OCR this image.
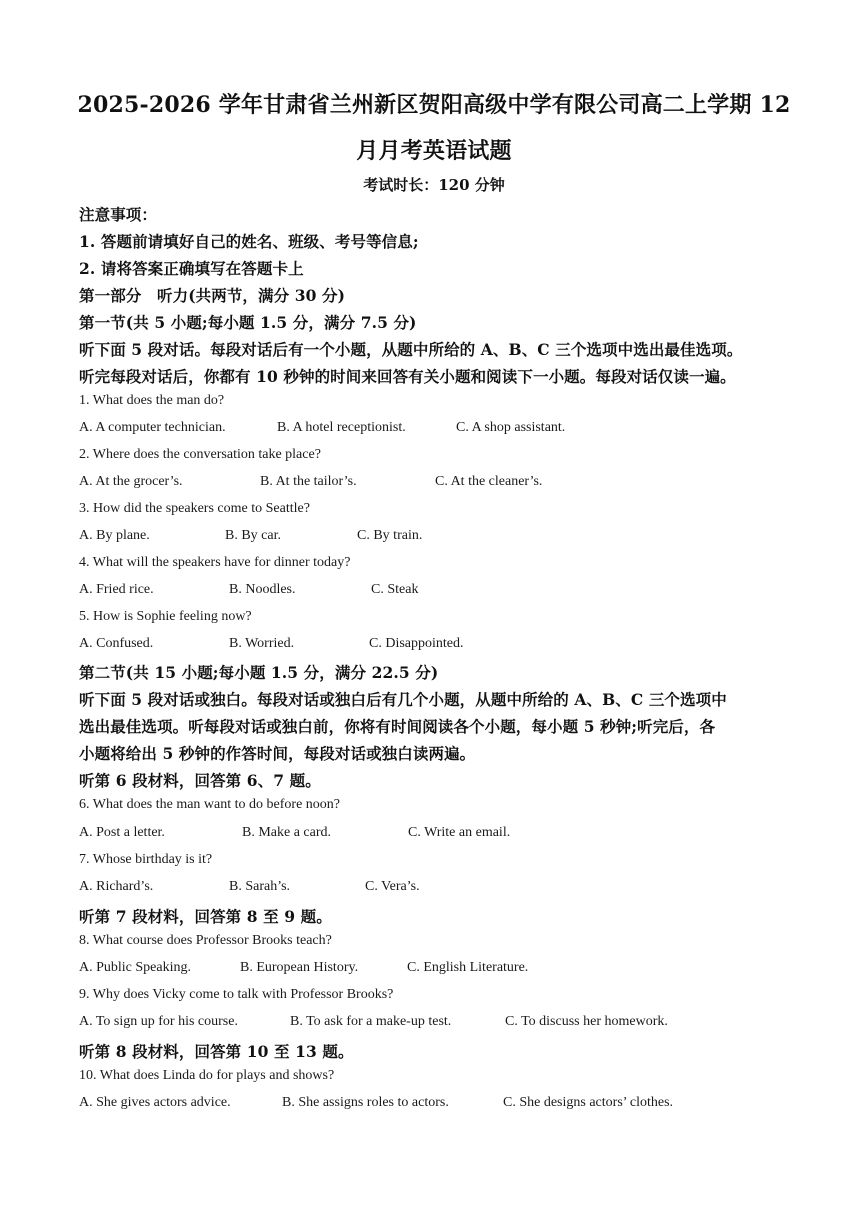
2025-2026 学年甘肃省兰州新区贺阳高级中学有限公司高二上学期 12
月月考英语试题
考试时长：120 分钟
注意事项：
1. 答题前请填好自己的姓名、班级、考号等信息;
2. 请将答案正确填写在答题卡上
第一部分　听力(共两节，满分 30 分)
第一节(共 5 小题;每小题 1.5 分，满分 7.5 分)
听下面 5 段对话。每段对话后有一个小题，从题中所给的 A、B、C 三个选项中选出最佳选项。
听完每段对话后，你都有 10 秒钟的时间来回答有关小题和阅读下一小题。每段对话仅读一遍。
1. What does the man do?
A. A computer technician.	B. A hotel receptionist.	C. A shop assistant.
2. Where does the conversation take place?
A. At the grocer’s.	B. At the tailor’s.	C. At the cleaner’s.
3. How did the speakers come to Seattle?
A. By plane.	B. By car.	C. By train.
4. What will the speakers have for dinner today?
A. Fried rice.	B. Noodles.	C. Steak
5. How is Sophie feeling now?
A. Confused.	B. Worried.	C. Disappointed.
第二节(共 15 小题;每小题 1.5 分，满分 22.5 分)
听下面 5 段对话或独白。每段对话或独白后有几个小题，从题中所给的 A、B、C 三个选项中
选出最佳选项。听每段对话或独白前，你将有时间阅读各个小题，每小题 5 秒钟;听完后，各
小题将给出 5 秒钟的作答时间，每段对话或独白读两遍。
听第 6 段材料，回答第 6、7 题。
6. What does the man want to do before noon?
A. Post a letter.	B. Make a card.	C. Write an email.
7. Whose birthday is it?
A. Richard’s.	B. Sarah’s.	C. Vera’s.
听第 7 段材料，回答第 8 至 9 题。
8. What course does Professor Brooks teach?
A. Public Speaking.	B. European History.	C. English Literature.
9. Why does Vicky come to talk with Professor Brooks?
A. To sign up for his course.	B. To ask for a make-up test.	C. To discuss her homework.
听第 8 段材料，回答第 10 至 13 题。
10. What does Linda do for plays and shows?
A. She gives actors advice.	B. She assigns roles to actors.	C. She designs actors’ clothes.
